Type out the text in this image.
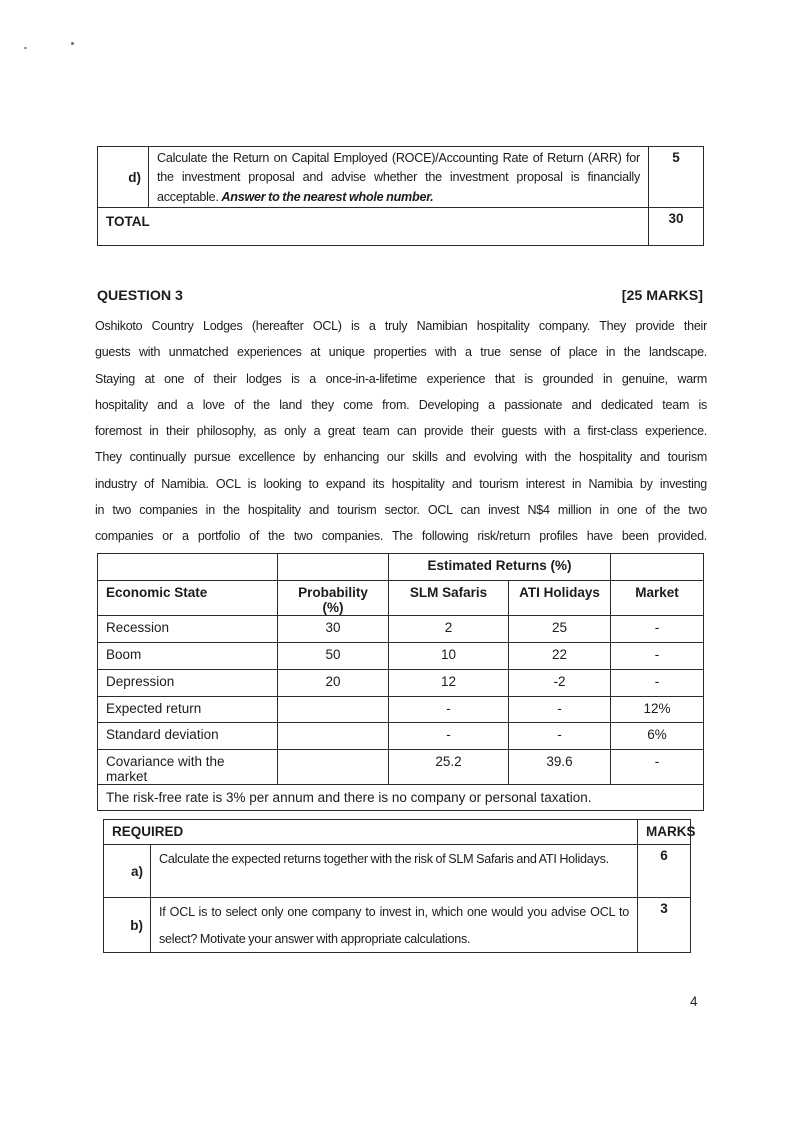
d)	Calculate the Return on Capital Employed (ROCE)/Accounting Rate of Return (ARR) for the investment proposal and advise whether the investment proposal is financially acceptable. Answer to the nearest whole number.	5
TOTAL		30
QUESTION 3	[25 MARKS]
Oshikoto Country Lodges (hereafter OCL) is a truly Namibian hospitality company. They provide their
guests with unmatched experiences at unique properties with a true sense of place in the landscape.
Staying at one of their lodges is a once-in-a-lifetime experience that is grounded in genuine, warm
hospitality and a love of the land they come from. Developing a passionate and dedicated team is
foremost in their philosophy, as only a great team can provide their guests with a first-class experience.
They continually pursue excellence by enhancing our skills and evolving with the hospitality and tourism
industry of Namibia. OCL is looking to expand its hospitality and tourism interest in Namibia by investing
in two companies in the hospitality and tourism sector. OCL can invest N$4 million in one of the two
companies or a portfolio of the two companies. The following risk/return profiles have been provided.
		Estimated Returns (%)		
Economic State	Probability (%)	SLM Safaris	ATI Holidays	Market
Recession	30	2	25	-
Boom	50	10	22	-
Depression	20	12	-2	-
Expected return		-	-	12%
Standard deviation		-	-	6%
Covariance with the market		25.2	39.6	-
The risk-free rate is 3% per annum and there is no company or personal taxation.				
REQUIRED		MARKS
a)	Calculate the expected returns together with the risk of SLM Safaris and ATI Holidays.	6
b)	If OCL is to select only one company to invest in, which one would you advise OCL to select? Motivate your answer with appropriate calculations.	3
4
